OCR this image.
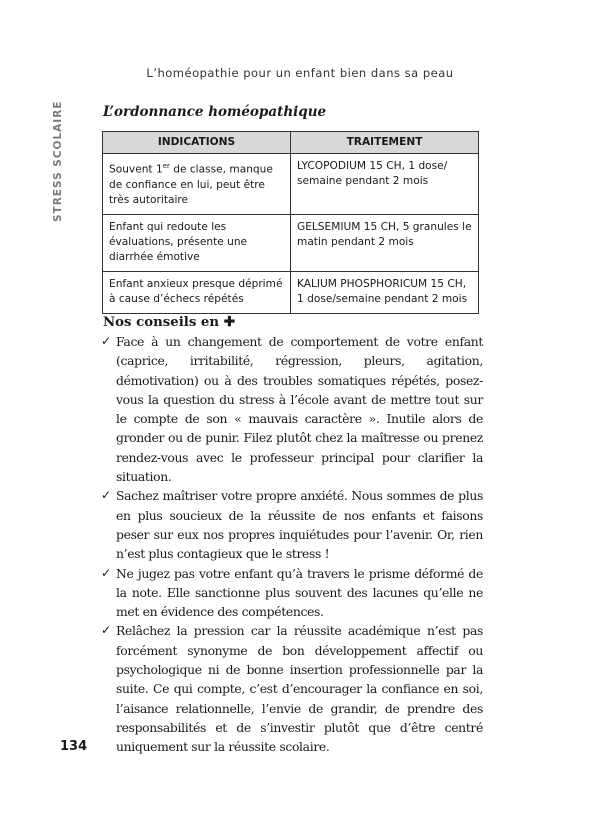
L’homéopathie pour un enfant bien dans sa peau
STRESS SCOLAIRE	L’ordonnance homéopathique
INDICATIONS	TRAITEMENT
Souvent 1er de classe, manque de confiance en lui, peut être très autoritaire	LYCOPODIUM 15 CH, 1 dose/ semaine pendant 2 mois
Enfant qui redoute les évaluations, présente une diarrhée émotive	GELSEMIUM 15 CH, 5 granules le matin pendant 2 mois
Enfant anxieux presque déprimé à cause d’échecs répétés	KALIUM PHOSPHORICUM 15 CH, 1 dose/semaine pendant 2 mois
Nos conseils en ✚
✓ Face à un changement de comportement de votre enfant (caprice, irritabilité, régression, pleurs, agitation, démotivation) ou à des troubles somatiques répétés, posez-vous la question du stress à l’école avant de mettre tout sur le compte de son « mauvais caractère ». Inutile alors de gronder ou de punir. Filez plutôt chez la maîtresse ou prenez rendez-vous avec le professeur principal pour clarifier la situation.
✓ Sachez maîtriser votre propre anxiété. Nous sommes de plus en plus soucieux de la réussite de nos enfants et faisons peser sur eux nos propres inquiétudes pour l’avenir. Or, rien n’est plus contagieux que le stress !
✓ Ne jugez pas votre enfant qu’à travers le prisme déformé de la note. Elle sanctionne plus souvent des lacunes qu’elle ne met en évidence des compétences.
✓ Relâchez la pression car la réussite académique n’est pas forcément synonyme de bon développement affectif ou psychologique ni de bonne insertion professionnelle par la suite. Ce qui compte, c’est d’encourager la confiance en soi, l’aisance relationnelle, l’envie de grandir, de prendre des responsabilités et de s’investir plutôt que d’être centré uniquement sur la réussite scolaire.
134
